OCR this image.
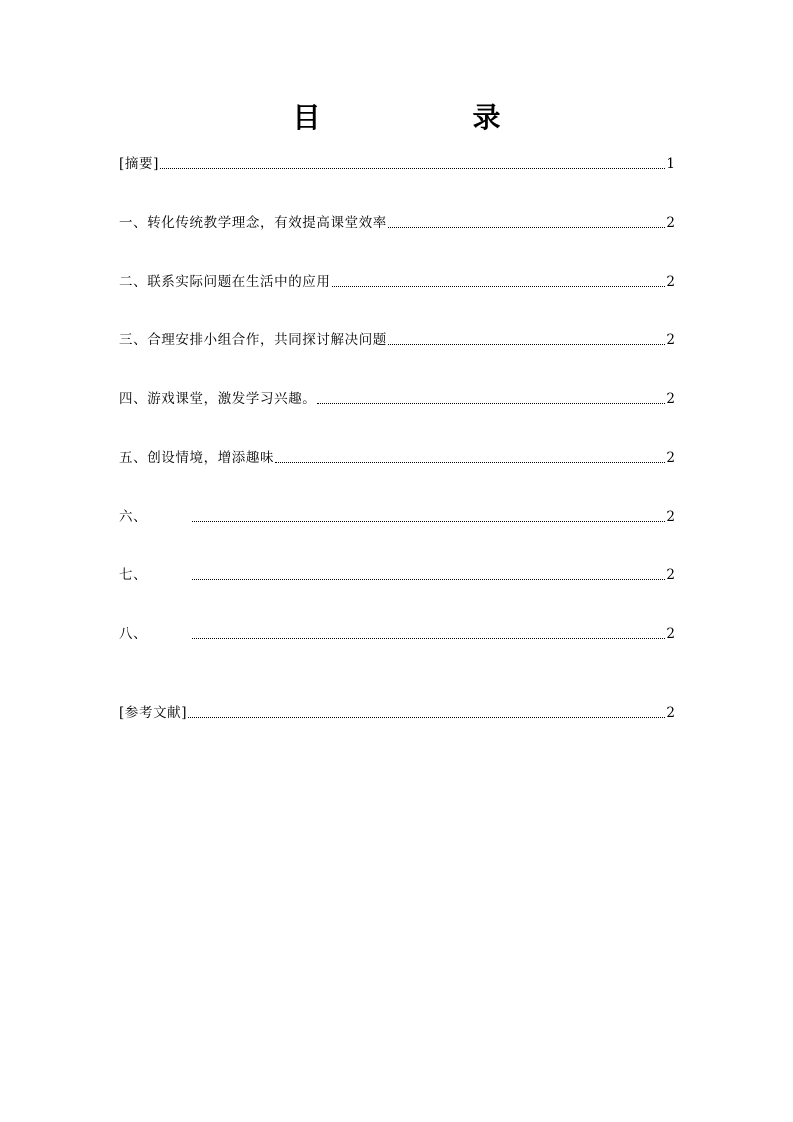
目　录
[摘要]	1
一、转化传统教学理念，有效提高课堂效率	2
二、联系实际问题在生活中的应用	2
三、合理安排小组合作，共同探讨解决问题	2
四、游戏课堂，激发学习兴趣。	2
五、创设情境，增添趣味	2
六、	2
七、	2
八、	2
[参考文献]	2
